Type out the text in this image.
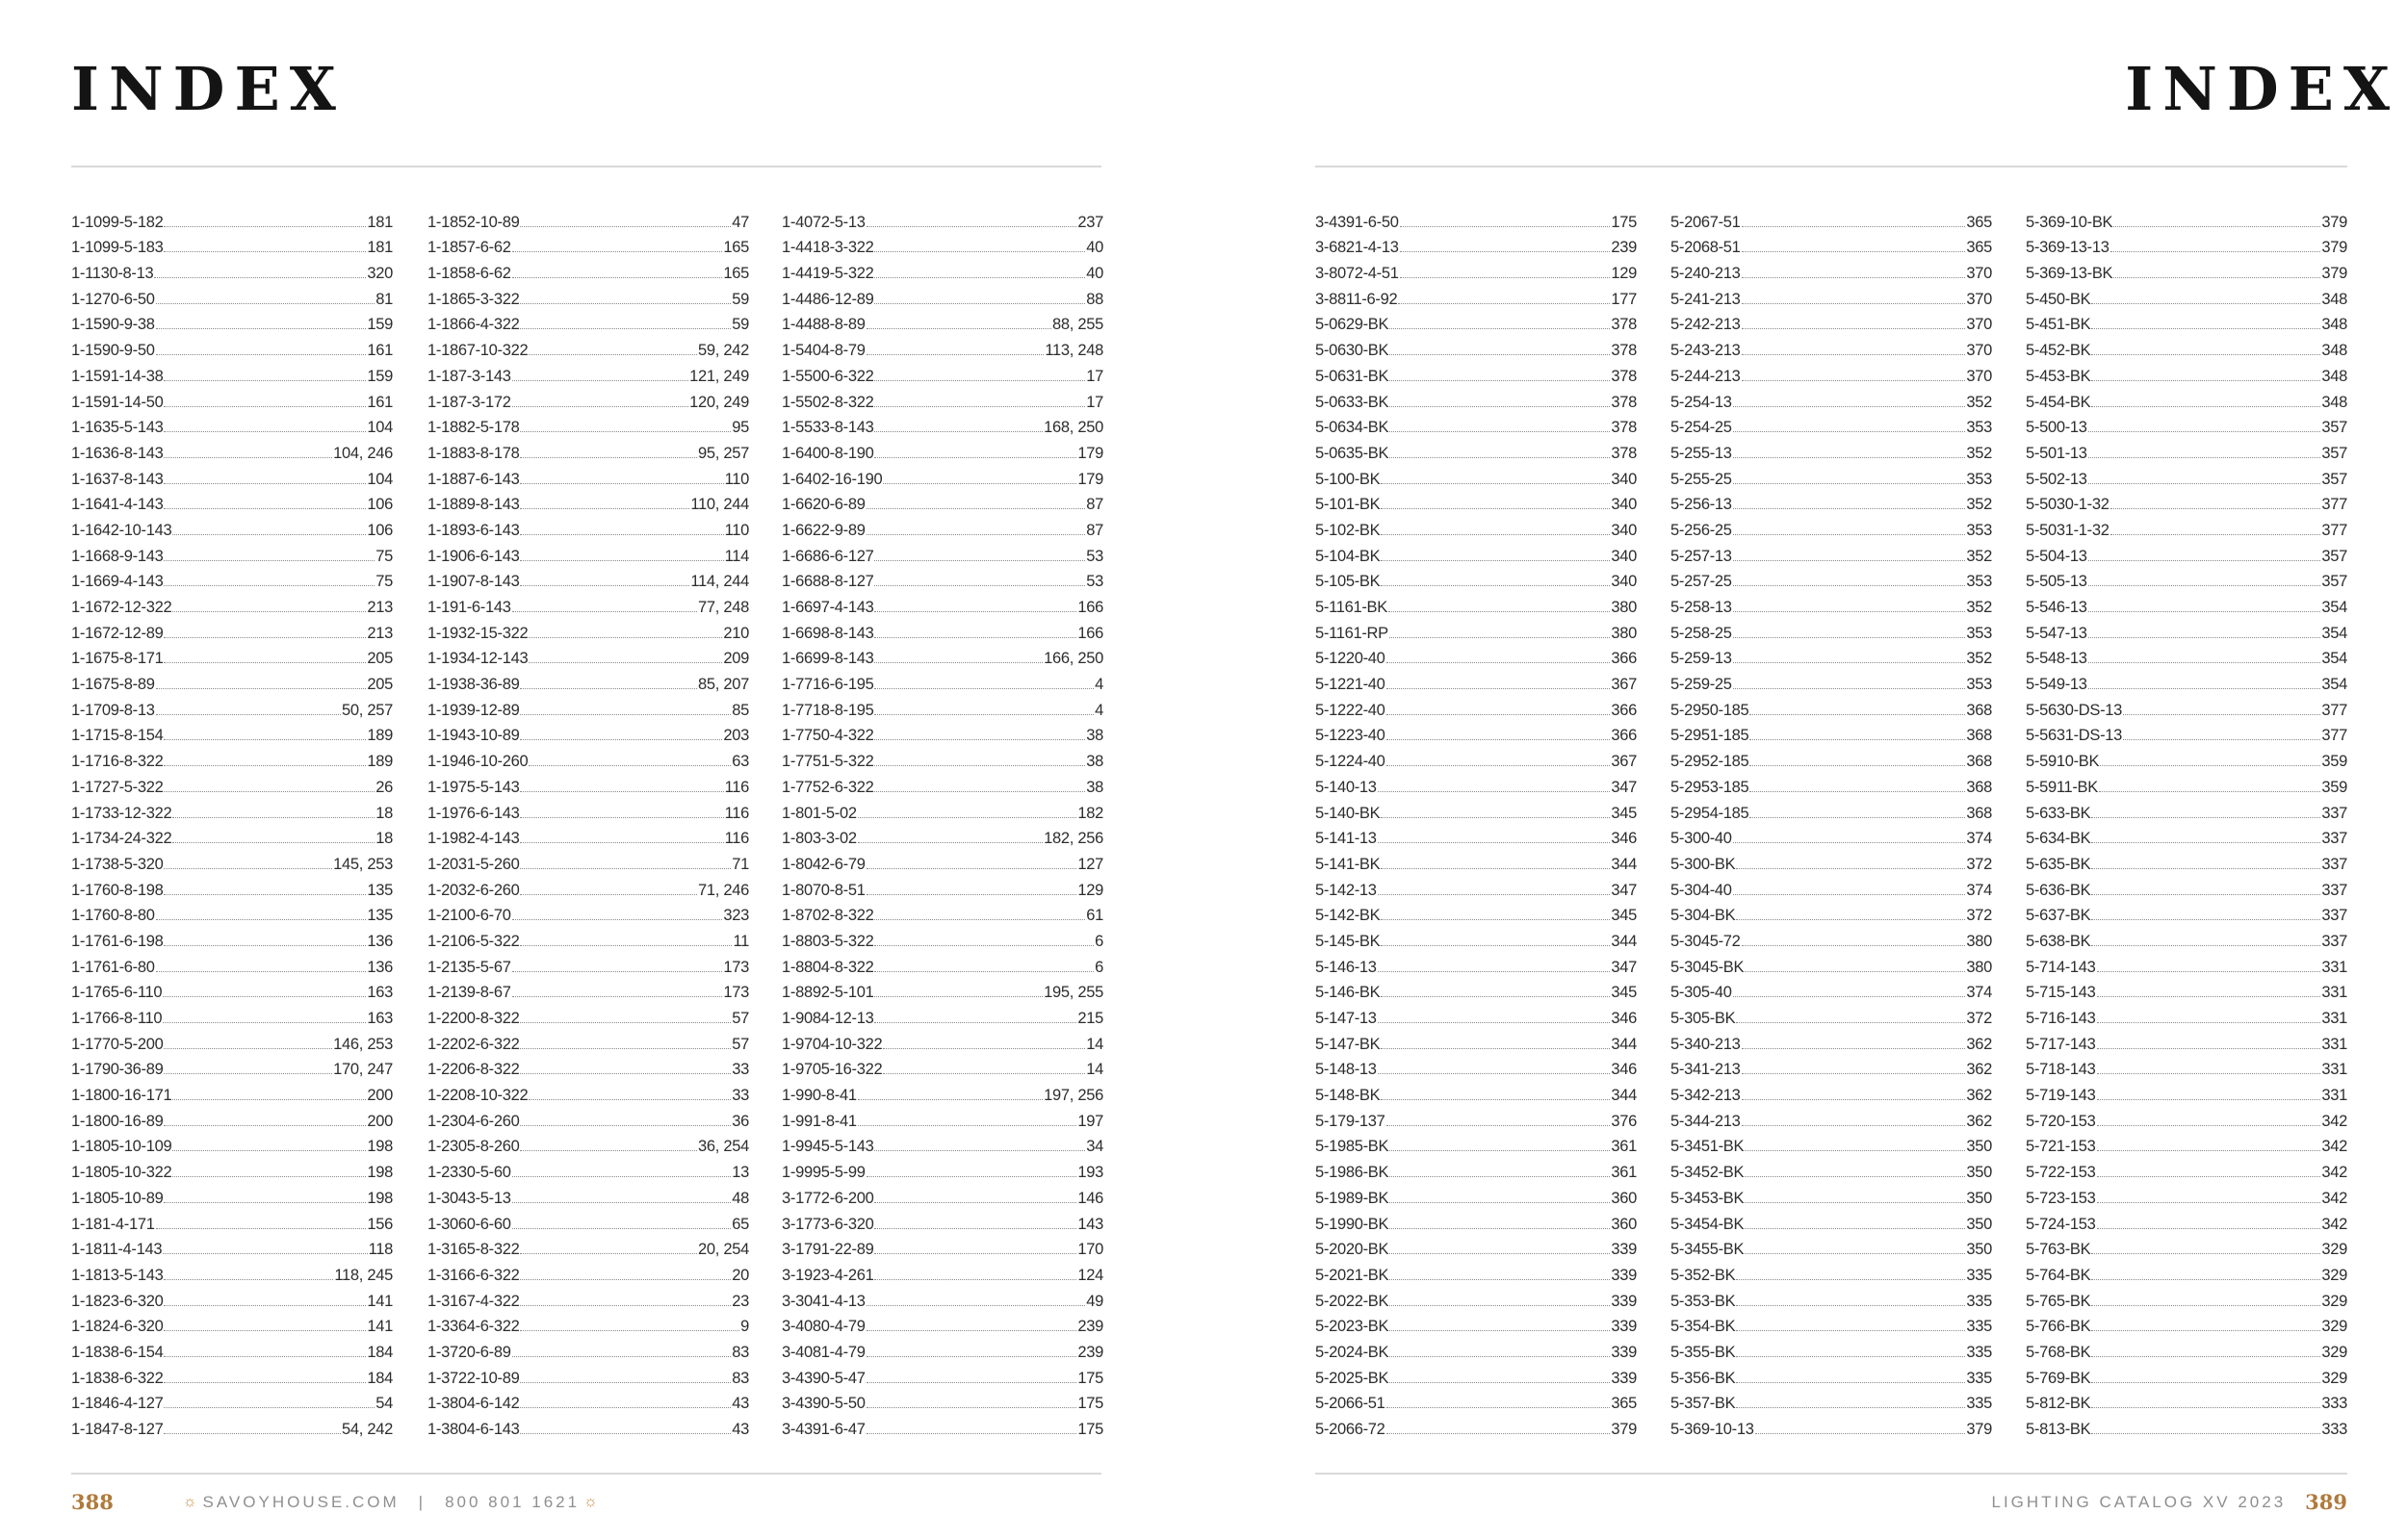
INDEX
1-1099-5-182	181
1-1099-5-183	181
1-1130-8-13	320
1-1270-6-50	81
1-1590-9-38	159
1-1590-9-50	161
1-1591-14-38	159
1-1591-14-50	161
1-1635-5-143	104
1-1636-8-143	104, 246
1-1637-8-143	104
1-1641-4-143	106
1-1642-10-143	106
1-1668-9-143	75
1-1669-4-143	75
1-1672-12-322	213
1-1672-12-89	213
1-1675-8-171	205
1-1675-8-89	205
1-1709-8-13	50, 257
1-1715-8-154	189
1-1716-8-322	189
1-1727-5-322	26
1-1733-12-322	18
1-1734-24-322	18
1-1738-5-320	145, 253
1-1760-8-198	135
1-1760-8-80	135
1-1761-6-198	136
1-1761-6-80	136
1-1765-6-110	163
1-1766-8-110	163
1-1770-5-200	146, 253
1-1790-36-89	170, 247
1-1800-16-171	200
1-1800-16-89	200
1-1805-10-109	198
1-1805-10-322	198
1-1805-10-89	198
1-181-4-171	156
1-1811-4-143	118
1-1813-5-143	118, 245
1-1823-6-320	141
1-1824-6-320	141
1-1838-6-154	184
1-1838-6-322	184
1-1846-4-127	54
1-1847-8-127	54, 242
1-1852-10-89	47
1-1857-6-62	165
1-1858-6-62	165
1-1865-3-322	59
1-1866-4-322	59
1-1867-10-322	59, 242
1-187-3-143	121, 249
1-187-3-172	120, 249
1-1882-5-178	95
1-1883-8-178	95, 257
1-1887-6-143	110
1-1889-8-143	110, 244
1-1893-6-143	110
1-1906-6-143	114
1-1907-8-143	114, 244
1-191-6-143	77, 248
1-1932-15-322	210
1-1934-12-143	209
1-1938-36-89	85, 207
1-1939-12-89	85
1-1943-10-89	203
1-1946-10-260	63
1-1975-5-143	116
1-1976-6-143	116
1-1982-4-143	116
1-2031-5-260	71
1-2032-6-260	71, 246
1-2100-6-70	323
1-2106-5-322	11
1-2135-5-67	173
1-2139-8-67	173
1-2200-8-322	57
1-2202-6-322	57
1-2206-8-322	33
1-2208-10-322	33
1-2304-6-260	36
1-2305-8-260	36, 254
1-2330-5-60	13
1-3043-5-13	48
1-3060-6-60	65
1-3165-8-322	20, 254
1-3166-6-322	20
1-3167-4-322	23
1-3364-6-322	9
1-3720-6-89	83
1-3722-10-89	83
1-3804-6-142	43
1-3804-6-143	43
1-4072-5-13	237
1-4418-3-322	40
1-4419-5-322	40
1-4486-12-89	88
1-4488-8-89	88, 255
1-5404-8-79	113, 248
1-5500-6-322	17
1-5502-8-322	17
1-5533-8-143	168, 250
1-6400-8-190	179
1-6402-16-190	179
1-6620-6-89	87
1-6622-9-89	87
1-6686-6-127	53
1-6688-8-127	53
1-6697-4-143	166
1-6698-8-143	166
1-6699-8-143	166, 250
1-7716-6-195	4
1-7718-8-195	4
1-7750-4-322	38
1-7751-5-322	38
1-7752-6-322	38
1-801-5-02	182
1-803-3-02	182, 256
1-8042-6-79	127
1-8070-8-51	129
1-8702-8-322	61
1-8803-5-322	6
1-8804-8-322	6
1-8892-5-101	195, 255
1-9084-12-13	215
1-9704-10-322	14
1-9705-16-322	14
1-990-8-41	197, 256
1-991-8-41	197
1-9945-5-143	34
1-9995-5-99	193
3-1772-6-200	146
3-1773-6-320	143
3-1791-22-89	170
3-1923-4-261	124
3-3041-4-13	49
3-4080-4-79	239
3-4081-4-79	239
3-4390-5-47	175
3-4390-5-50	175
3-4391-6-47	175
388	☼ SAVOYHOUSE.COM | 800 801 1621 ☼
INDEX
3-4391-6-50	175
3-6821-4-13	239
3-8072-4-51	129
3-8811-6-92	177
5-0629-BK	378
5-0630-BK	378
5-0631-BK	378
5-0633-BK	378
5-0634-BK	378
5-0635-BK	378
5-100-BK	340
5-101-BK	340
5-102-BK	340
5-104-BK	340
5-105-BK	340
5-1161-BK	380
5-1161-RP	380
5-1220-40	366
5-1221-40	367
5-1222-40	366
5-1223-40	366
5-1224-40	367
5-140-13	347
5-140-BK	345
5-141-13	346
5-141-BK	344
5-142-13	347
5-142-BK	345
5-145-BK	344
5-146-13	347
5-146-BK	345
5-147-13	346
5-147-BK	344
5-148-13	346
5-148-BK	344
5-179-137	376
5-1985-BK	361
5-1986-BK	361
5-1989-BK	360
5-1990-BK	360
5-2020-BK	339
5-2021-BK	339
5-2022-BK	339
5-2023-BK	339
5-2024-BK	339
5-2025-BK	339
5-2066-51	365
5-2066-72	379
5-2067-51	365
5-2068-51	365
5-240-213	370
5-241-213	370
5-242-213	370
5-243-213	370
5-244-213	370
5-254-13	352
5-254-25	353
5-255-13	352
5-255-25	353
5-256-13	352
5-256-25	353
5-257-13	352
5-257-25	353
5-258-13	352
5-258-25	353
5-259-13	352
5-259-25	353
5-2950-185	368
5-2951-185	368
5-2952-185	368
5-2953-185	368
5-2954-185	368
5-300-40	374
5-300-BK	372
5-304-40	374
5-304-BK	372
5-3045-72	380
5-3045-BK	380
5-305-40	374
5-305-BK	372
5-340-213	362
5-341-213	362
5-342-213	362
5-344-213	362
5-3451-BK	350
5-3452-BK	350
5-3453-BK	350
5-3454-BK	350
5-3455-BK	350
5-352-BK	335
5-353-BK	335
5-354-BK	335
5-355-BK	335
5-356-BK	335
5-357-BK	335
5-369-10-13	379
5-369-10-BK	379
5-369-13-13	379
5-369-13-BK	379
5-450-BK	348
5-451-BK	348
5-452-BK	348
5-453-BK	348
5-454-BK	348
5-500-13	357
5-501-13	357
5-502-13	357
5-5030-1-32	377
5-5031-1-32	377
5-504-13	357
5-505-13	357
5-546-13	354
5-547-13	354
5-548-13	354
5-549-13	354
5-5630-DS-13	377
5-5631-DS-13	377
5-5910-BK	359
5-5911-BK	359
5-633-BK	337
5-634-BK	337
5-635-BK	337
5-636-BK	337
5-637-BK	337
5-638-BK	337
5-714-143	331
5-715-143	331
5-716-143	331
5-717-143	331
5-718-143	331
5-719-143	331
5-720-153	342
5-721-153	342
5-722-153	342
5-723-153	342
5-724-153	342
5-763-BK	329
5-764-BK	329
5-765-BK	329
5-766-BK	329
5-768-BK	329
5-769-BK	329
5-812-BK	333
5-813-BK	333
LIGHTING CATALOG XV 2023 389
